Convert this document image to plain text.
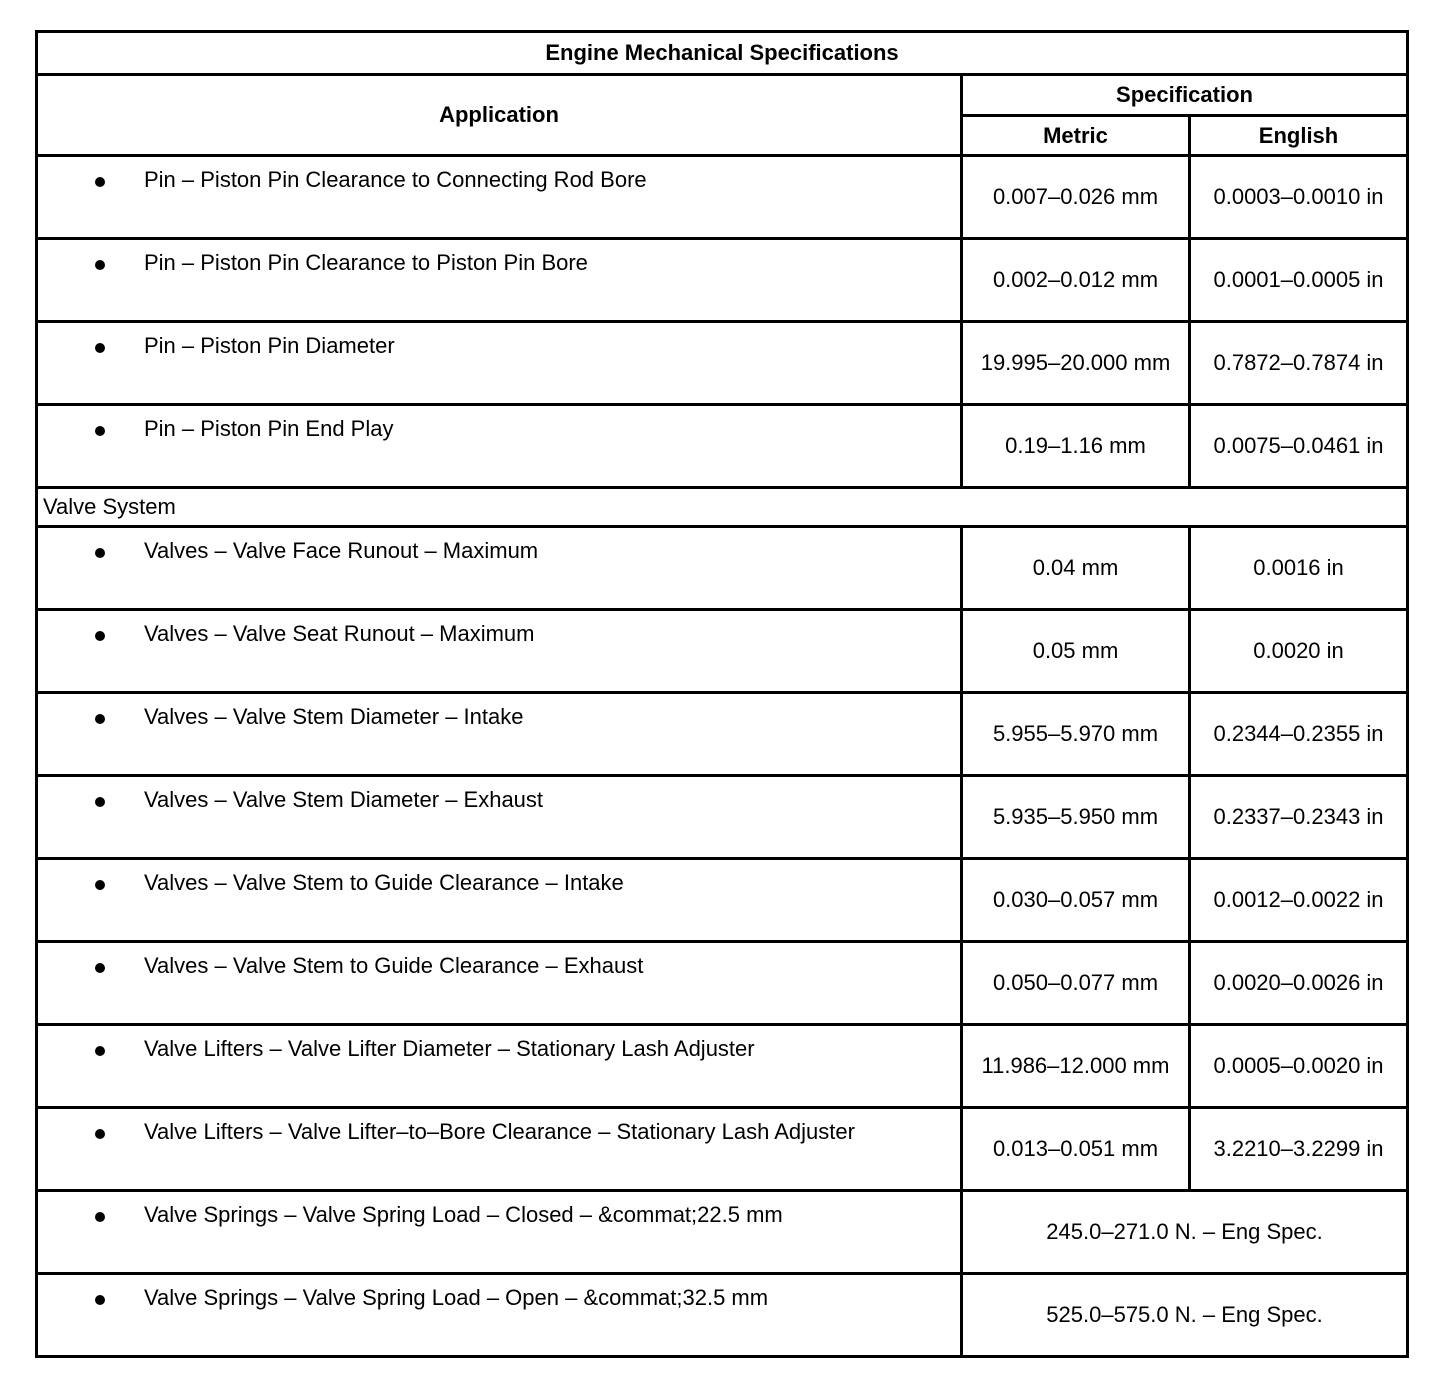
Engine Mechanical Specifications		
Application	Specification	
	Metric	English

Pin – Piston Pin Clearance to Connecting Rod Bore	0.007–0.026 mm	0.0003–0.0010 in

Pin – Piston Pin Clearance to Piston Pin Bore	0.002–0.012 mm	0.0001–0.0005 in

Pin – Piston Pin Diameter	19.995–20.000 mm	0.7872–0.7874 in

Pin – Piston Pin End Play	0.19–1.16 mm	0.0075–0.0461 in
Valve System		

Valves – Valve Face Runout – Maximum	0.04 mm	0.0016 in

Valves – Valve Seat Runout – Maximum	0.05 mm	0.0020 in

Valves – Valve Stem Diameter – Intake	5.955–5.970 mm	0.2344–0.2355 in

Valves – Valve Stem Diameter – Exhaust	5.935–5.950 mm	0.2337–0.2343 in

Valves – Valve Stem to Guide Clearance – Intake	0.030–0.057 mm	0.0012–0.0022 in

Valves – Valve Stem to Guide Clearance – Exhaust	0.050–0.077 mm	0.0020–0.0026 in

Valve Lifters – Valve Lifter Diameter – Stationary Lash Adjuster	11.986–12.000 mm	0.0005–0.0020 in

Valve Lifters – Valve Lifter–to–Bore Clearance – Stationary Lash Adjuster	0.013–0.051 mm	3.2210–3.2299 in

Valve Springs – Valve Spring Load – Closed – &commat;22.5 mm	245.0–271.0 N. – Eng Spec.	

Valve Springs – Valve Spring Load – Open – &commat;32.5 mm	525.0–575.0 N. – Eng Spec.	
